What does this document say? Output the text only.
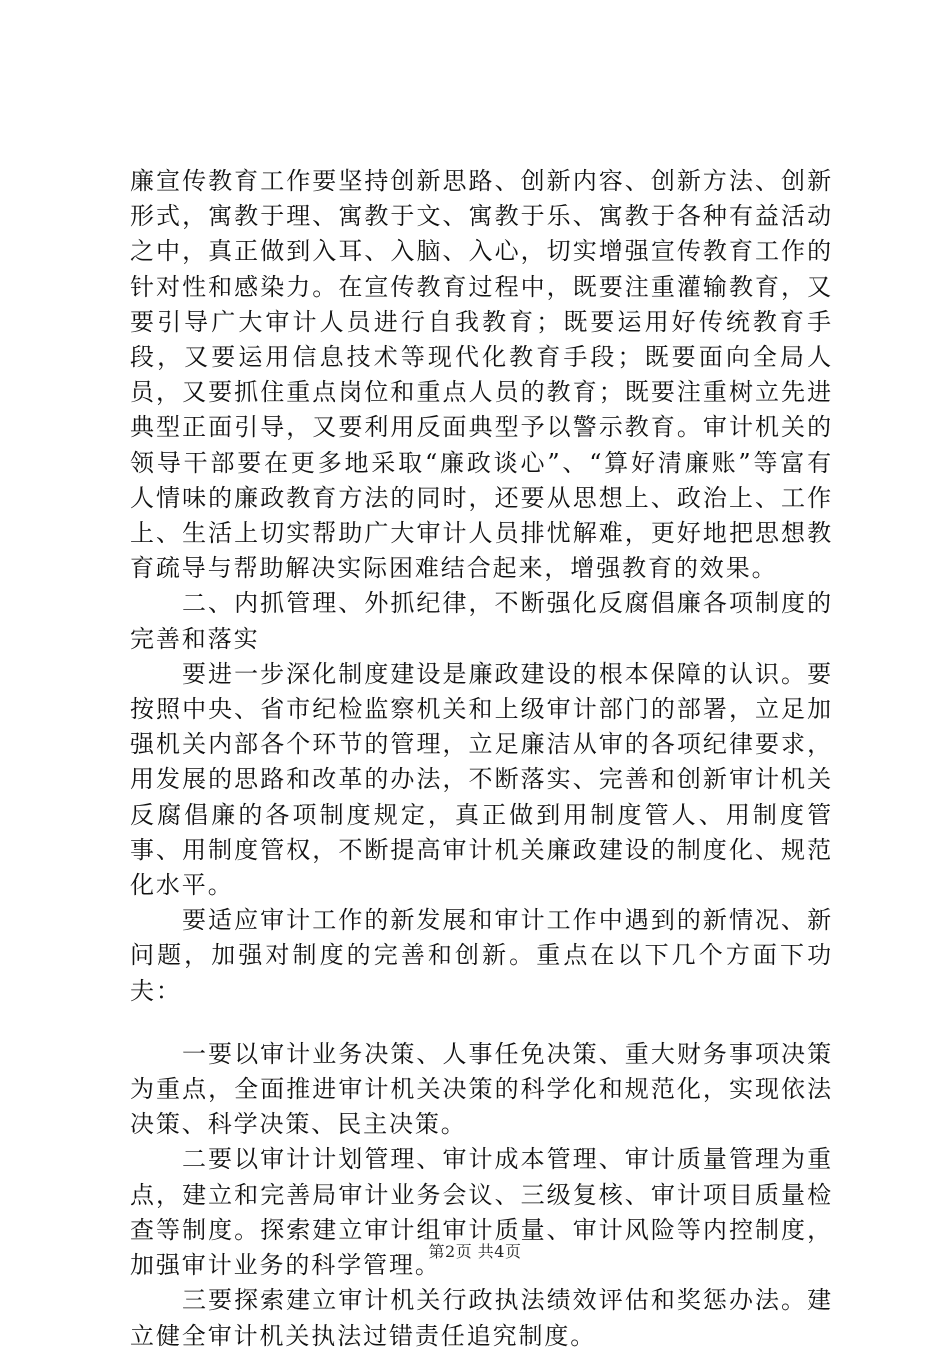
廉宣传教育工作要坚持创新思路、创新内容、创新方法、创新形式，寓教于理、寓教于文、寓教于乐、寓教于各种有益活动之中，真正做到入耳、入脑、入心，切实增强宣传教育工作的针对性和感染力。在宣传教育过程中，既要注重灌输教育，又要引导广大审计人员进行自我教育；既要运用好传统教育手段，又要运用信息技术等现代化教育手段；既要面向全局人员，又要抓住重点岗位和重点人员的教育；既要注重树立先进典型正面引导，又要利用反面典型予以警示教育。审计机关的领导干部要在更多地采取“廉政谈心”、“算好清廉账”等富有人情味的廉政教育方法的同时，还要从思想上、政治上、工作上、生活上切实帮助广大审计人员排忧解难，更好地把思想教育疏导与帮助解决实际困难结合起来，增强教育的效果。

二、内抓管理、外抓纪律，不断强化反腐倡廉各项制度的完善和落实

要进一步深化制度建设是廉政建设的根本保障的认识。要按照中央、省市纪检监察机关和上级审计部门的部署，立足加强机关内部各个环节的管理，立足廉洁从审的各项纪律要求，用发展的思路和改革的办法，不断落实、完善和创新审计机关反腐倡廉的各项制度规定，真正做到用制度管人、用制度管事、用制度管权，不断提高审计机关廉政建设的制度化、规范化水平。

要适应审计工作的新发展和审计工作中遇到的新情况、新问题，加强对制度的完善和创新。重点在以下几个方面下功夫：

一要以审计业务决策、人事任免决策、重大财务事项决策为重点，全面推进审计机关决策的科学化和规范化，实现依法决策、科学决策、民主决策。

二要以审计计划管理、审计成本管理、审计质量管理为重点，建立和完善局审计业务会议、三级复核、审计项目质量检查等制度。探索建立审计组审计质量、审计风险等内控制度，加强审计业务的科学管理。

三要探索建立审计机关行政执法绩效评估和奖惩办法。建立健全审计机关执法过错责任追究制度。

第2页 共4页
